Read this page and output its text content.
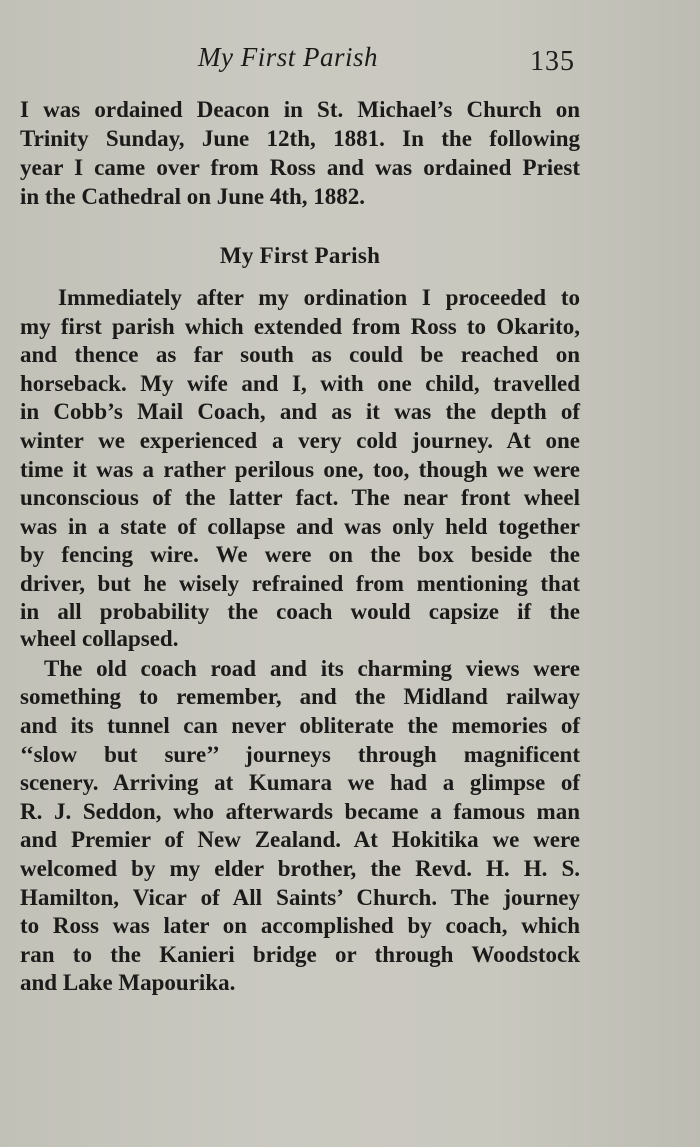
My First Parish	135
I was ordained Deacon in St. Michael’s Church on
Trinity Sunday, June 12th, 1881. In the following
year I came over from Ross and was ordained Priest
in the Cathedral on June 4th, 1882.
My First Parish
Immediately after my ordination I proceeded to
my first parish which extended from Ross to Okarito,
and thence as far south as could be reached on
horseback. My wife and I, with one child, travelled
in Cobb’s Mail Coach, and as it was the depth of
winter we experienced a very cold journey. At one
time it was a rather perilous one, too, though we were
unconscious of the latter fact. The near front wheel
was in a state of collapse and was only held together
by fencing wire. We were on the box beside the
driver, but he wisely refrained from mentioning that
in all probability the coach would capsize if the
wheel collapsed.
The old coach road and its charming views were
something to remember, and the Midland railway
and its tunnel can never obliterate the memories of
‘‘slow but sure’’ journeys through magnificent
scenery. Arriving at Kumara we had a glimpse of
R. J. Seddon, who afterwards became a famous man
and Premier of New Zealand. At Hokitika we were
welcomed by my elder brother, the Revd. H. H. S.
Hamilton, Vicar of All Saints’ Church. The journey
to Ross was later on accomplished by coach, which
ran to the Kanieri bridge or through Woodstock
and Lake Mapourika.
